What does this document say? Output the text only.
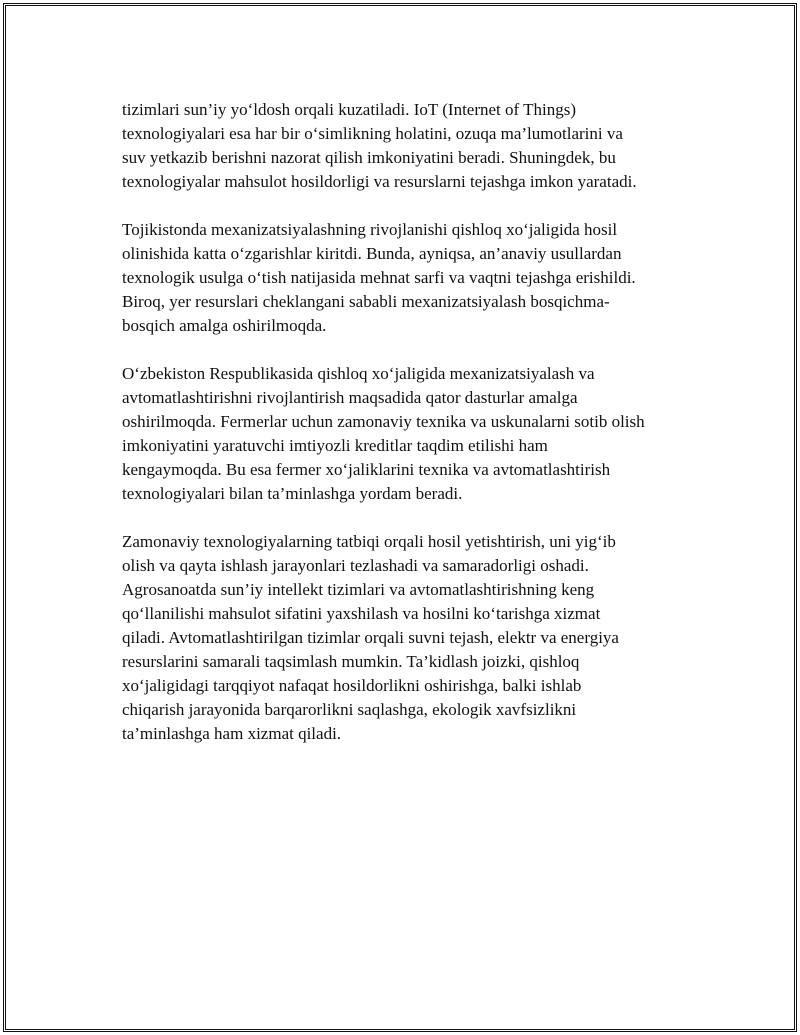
tizimlari sun’iy yo‘ldosh orqali kuzatiladi. IoT (Internet of Things)
texnologiyalari esa har bir o‘simlikning holatini, ozuqa ma’lumotlarini va
suv yetkazib berishni nazorat qilish imkoniyatini beradi. Shuningdek, bu
texnologiyalar mahsulot hosildorligi va resurslarni tejashga imkon yaratadi.

Tojikistonda mexanizatsiyalashning rivojlanishi qishloq xo‘jaligida hosil
olinishida katta o‘zgarishlar kiritdi. Bunda, ayniqsa, an’anaviy usullardan
texnologik usulga o‘tish natijasida mehnat sarfi va vaqtni tejashga erishildi.
Biroq, yer resurslari cheklangani sababli mexanizatsiyalash bosqichma-
bosqich amalga oshirilmoqda.

O‘zbekiston Respublikasida qishloq xo‘jaligida mexanizatsiyalash va
avtomatlashtirishni rivojlantirish maqsadida qator dasturlar amalga
oshirilmoqda. Fermerlar uchun zamonaviy texnika va uskunalarni sotib olish
imkoniyatini yaratuvchi imtiyozli kreditlar taqdim etilishi ham
kengaymoqda. Bu esa fermer xo‘jaliklarini texnika va avtomatlashtirish
texnologiyalari bilan ta’minlashga yordam beradi.

Zamonaviy texnologiyalarning tatbiqi orqali hosil yetishtirish, uni yig‘ib
olish va qayta ishlash jarayonlari tezlashadi va samaradorligi oshadi.
Agrosanoatda sun’iy intellekt tizimlari va avtomatlashtirishning keng
qo‘llanilishi mahsulot sifatini yaxshilash va hosilni ko‘tarishga xizmat
qiladi. Avtomatlashtirilgan tizimlar orqali suvni tejash, elektr va energiya
resurslarini samarali taqsimlash mumkin. Ta’kidlash joizki, qishloq
xo‘jaligidagi tarqqiyot nafaqat hosildorlikni oshirishga, balki ishlab
chiqarish jarayonida barqarorlikni saqlashga, ekologik xavfsizlikni
ta’minlashga ham xizmat qiladi.
